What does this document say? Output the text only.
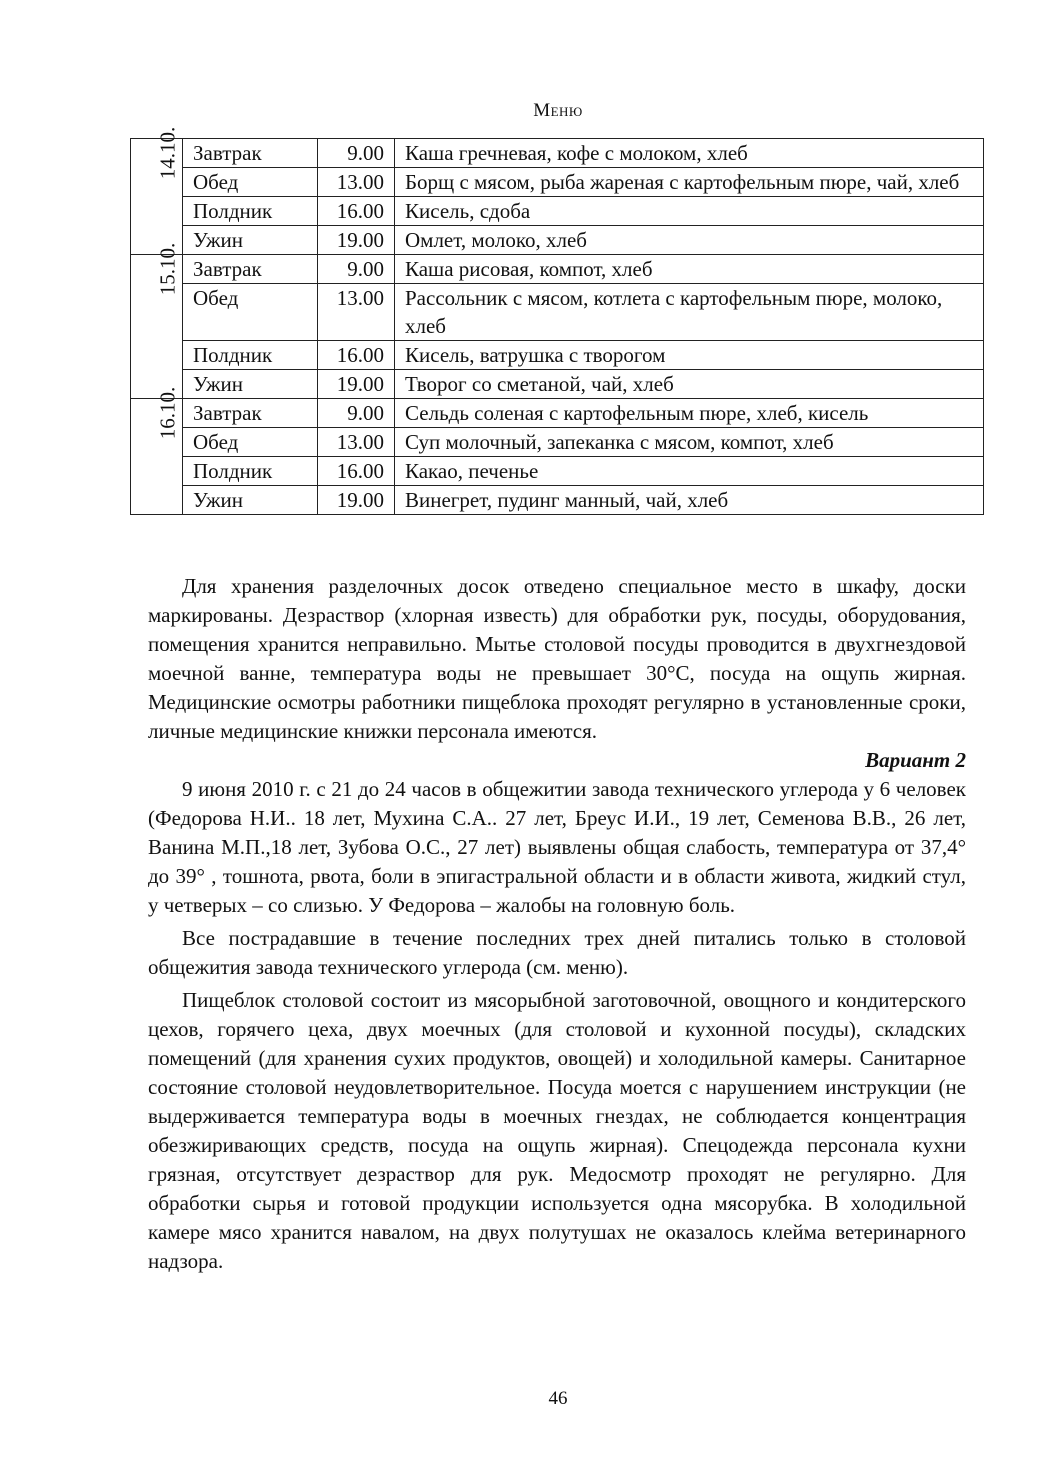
Меню
14.10.	Завтрак	9.00	Каша гречневая, кофе с молоком, хлеб
	Обед	13.00	Борщ с мясом, рыба жареная с картофельным пюре, чай, хлеб
	Полдник	16.00	Кисель, сдоба
	Ужин	19.00	Омлет, молоко, хлеб
15.10.	Завтрак	9.00	Каша рисовая, компот, хлеб
	Обед	13.00	Рассольник с мясом, котлета с картофельным пюре, молоко, хлеб
	Полдник	16.00	Кисель, ватрушка с творогом
	Ужин	19.00	Творог со сметаной, чай, хлеб
16.10.	Завтрак	9.00	Сельдь соленая с картофельным пюре, хлеб, кисель
	Обед	13.00	Суп молочный, запеканка с мясом, компот, хлеб
	Полдник	16.00	Какао, печенье
	Ужин	19.00	Винегрет, пудинг манный, чай, хлеб

Для хранения разделочных досок отведено специальное место в шкафу, доски маркированы. Дезраствор (хлорная известь) для обработки рук, посуды, оборудования, помещения хранится неправильно. Мытье столовой посуды проводится в двухгнездовой моечной ванне, температура воды не превышает 30°С, посуда на ощупь жирная. Медицинские осмотры работники пищеблока проходят регулярно в установленные сроки, личные медицинские книжки персонала имеются.

Вариант 2

9 июня 2010 г. с 21 до 24 часов в общежитии завода технического углерода у 6 человек (Федорова Н.И.. 18 лет, Мухина С.А.. 27 лет, Бреус И.И., 19 лет, Семенова В.В., 26 лет, Ванина М.П.,18 лет, Зубова О.С., 27 лет) выявлены общая слабость, температура от 37,4° до 39° , тошнота, рвота, боли в эпигастральной области и в области живота, жидкий стул, у четверых – со слизью. У Федорова – жалобы на головную боль.

Все пострадавшие в течение последних трех дней питались только в столовой общежития завода технического углерода (см. меню).

Пищеблок столовой состоит из мясорыбной заготовочной, овощного и кондитерского цехов, горячего цеха, двух моечных (для столовой и кухонной посуды), складских помещений (для хранения сухих продуктов, овощей) и холодильной камеры. Санитарное состояние столовой неудовлетворительное. Посуда моется с нарушением инструкции (не выдерживается температура воды в моечных гнездах, не соблюдается концентрация обезжиривающих средств, посуда на ощупь жирная). Спецодежда персонала кухни грязная, отсутствует дезраствор для рук. Медосмотр проходят не регулярно. Для обработки сырья и готовой продукции используется одна мясорубка. В холодильной камере мясо хранится навалом, на двух полутушах не оказалось клейма ветеринарного надзора.

46
